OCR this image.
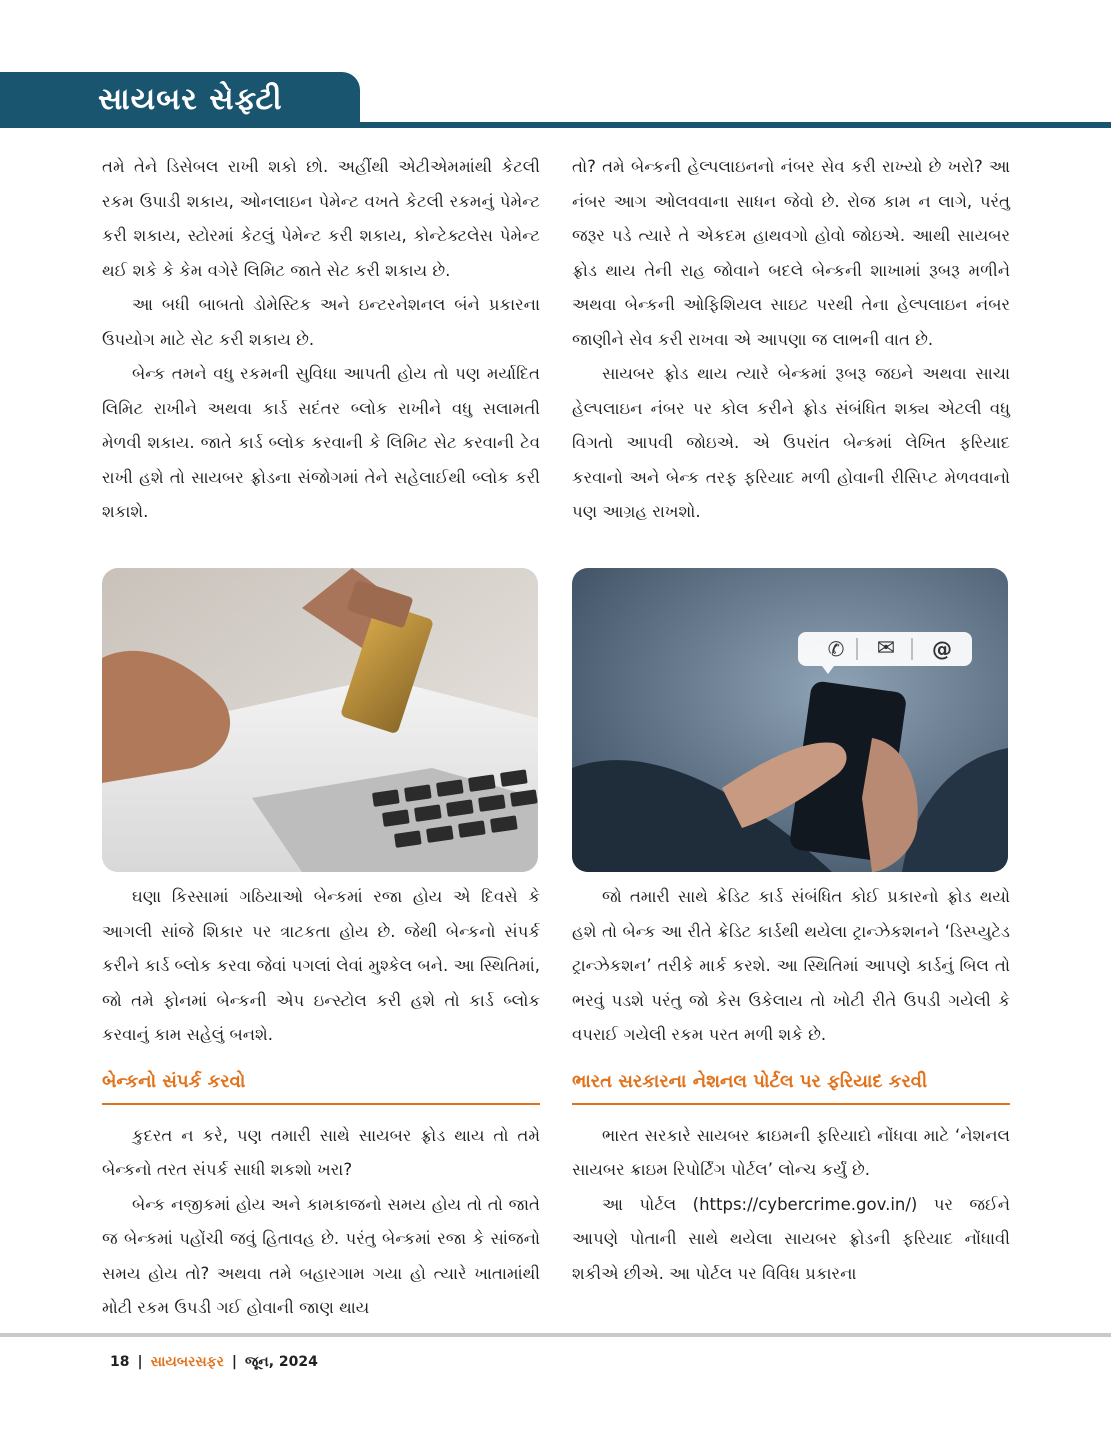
સાયબર સેફ્ટી

તમે તેને ડિસેબલ રાખી શકો છો. અહીંથી એટીએમમાંથી કેટલી રકમ ઉપાડી શકાય, ઓનલાઇન પેમેન્ટ વખતે કેટલી રકમનું પેમેન્ટ કરી શકાય, સ્ટોરમાં કેટલું પેમેન્ટ કરી શકાય, કોન્ટેક્ટલેસ પેમેન્ટ થઈ શકે કે કેમ વગેરે લિમિટ જાતે સેટ કરી શકાય છે.

આ બધી બાબતો ડોમેસ્ટિક અને ઇન્ટરનેશનલ બંને પ્રકારના ઉપયોગ માટે સેટ કરી શકાય છે.

બેન્ક તમને વધુ રકમની સુવિધા આપતી હોય તો પણ મર્યાદિત લિમિટ રાખીને અથવા કાર્ડ સદંતર બ્લોક રાખીને વધુ સલામતી મેળવી શકાય. જાતે કાર્ડ બ્લોક કરવાની કે લિમિટ સેટ કરવાની ટેવ રાખી હશે તો સાયબર ફ્રોડના સંજોગમાં તેને સહેલાઈથી બ્લોક કરી શકાશે.

તો? તમે બેન્કની હેલ્પલાઇનનો નંબર સેવ કરી રાખ્યો છે ખરો? આ નંબર આગ ઓલવવાના સાધન જેવો છે. રોજ કામ ન લાગે, પરંતુ જરૂર પડે ત્યારે તે એકદમ હાથવગો હોવો જોઇએ. આથી સાયબર ફ્રોડ થાય તેની રાહ જોવાને બદલે બેન્કની શાખામાં રૂબરૂ મળીને અથવા બેન્કની ઓફિશિયલ સાઇટ પરથી તેના હેલ્પલાઇન નંબર જાણીને સેવ કરી રાખવા એ આપણા જ લાભની વાત છે.

સાયબર ફ્રોડ થાય ત્યારે બેન્કમાં રૂબરૂ જઇને અથવા સાચા હેલ્પલાઇન નંબર પર કોલ કરીને ફ્રોડ સંબંધિત શક્ય એટલી વધુ વિગતો આપવી જોઇએ. એ ઉપરાંત બેન્કમાં લેખિત ફરિયાદ કરવાનો અને બેન્ક તરફ ફરિયાદ મળી હોવાની રીસિપ્ટ મેળવવાનો પણ આગ્રહ રાખશો.

✆	✉	@

ઘણા કિસ્સામાં ગઠિયાઓ બેન્કમાં રજા હોય એ દિવસે કે આગલી સાંજે શિકાર પર ત્રાટકતા હોય છે. જેથી બેન્કનો સંપર્ક કરીને કાર્ડ બ્લોક કરવા જેવાં પગલાં લેવાં મુશ્કેલ બને. આ સ્થિતિમાં, જો તમે ફોનમાં બેન્કની એપ ઇન્સ્ટોલ કરી હશે તો કાર્ડ બ્લોક કરવાનું કામ સહેલું બનશે.

બેન્કનો સંપર્ક કરવો

કુદરત ન કરે, પણ તમારી સાથે સાયબર ફ્રોડ થાય તો તમે બેન્કનો તરત સંપર્ક સાધી શકશો ખરા?

બેન્ક નજીકમાં હોય અને કામકાજનો સમય હોય તો તો જાતે જ બેન્કમાં પહોંચી જવું હિતાવહ છે. પરંતુ બેન્કમાં રજા કે સાંજનો સમય હોય તો? અથવા તમે બહારગામ ગયા હો ત્યારે ખાતામાંથી મોટી રકમ ઉપડી ગઈ હોવાની જાણ થાય

જો તમારી સાથે ક્રેડિટ કાર્ડ સંબંધિત કોઈ પ્રકારનો ફ્રોડ થયો હશે તો બેન્ક આ રીતે ક્રેડિટ કાર્ડથી થયેલા ટ્રાન્ઝેકશનને ‘ડિસ્પ્યુટેડ ટ્રાન્ઝેકશન’ તરીકે માર્ક કરશે. આ સ્થિતિમાં આપણે કાર્ડનું બિલ તો ભરવું પડશે પરંતુ જો કેસ ઉકેલાય તો ખોટી રીતે ઉપડી ગયેલી કે વપરાઈ ગયેલી રકમ પરત મળી શકે છે.

ભારત સરકારના નેશનલ પોર્ટલ પર ફરિયાદ કરવી

ભારત સરકારે સાયબર ક્રાઇમની ફરિયાદો નોંધવા માટે ‘નેશનલ સાયબર ક્રાઇમ રિપોર્ટિંગ પોર્ટલ’ લોન્ચ કર્યું છે.

આ પોર્ટલ (https://cybercrime.gov.in/) પર જઈને આપણે પોતાની સાથે થયેલા સાયબર ફ્રોડની ફરિયાદ નોંધાવી શકીએ છીએ. આ પોર્ટલ પર વિવિધ પ્રકારના

18 | સાયબરસફર | જૂન, 2024
